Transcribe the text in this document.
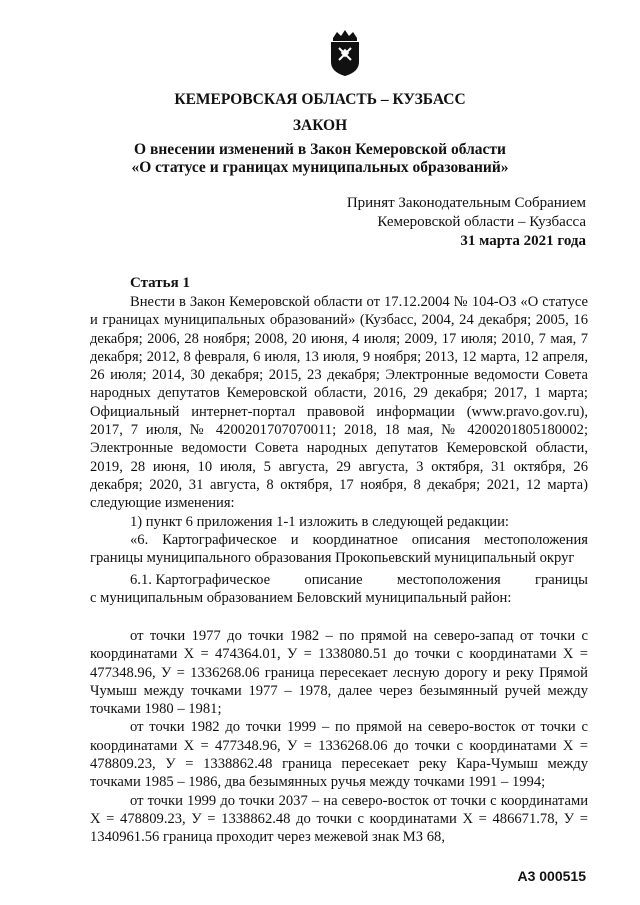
КЕМЕРОВСКАЯ ОБЛАСТЬ – КУЗБАСС
ЗАКОН
О внесении изменений в Закон Кемеровской области
«О статусе и границах муниципальных образований»
Принят Законодательным Собранием
Кемеровской области – Кузбасса
31 марта 2021 года
Статья 1
Внести в Закон Кемеровской области от 17.12.2004 № 104-ОЗ «О статусе и границах муниципальных образований» (Кузбасс, 2004, 24 декабря; 2005, 16 декабря; 2006, 28 ноября; 2008, 20 июня, 4 июля; 2009, 17 июля; 2010, 7 мая, 7 декабря; 2012, 8 февраля, 6 июля, 13 июля, 9 ноября; 2013, 12 марта, 12 апреля, 26 июля; 2014, 30 декабря; 2015, 23 декабря; Электронные ведомости Совета народных депутатов Кемеровской области, 2016, 29 декабря; 2017, 1 марта; Официальный интернет-портал правовой информации (www.pravo.gov.ru), 2017, 7 июля, № 4200201707070011; 2018, 18 мая, № 4200201805180002; Электронные ведомости Совета народных депутатов Кемеровской области, 2019, 28 июня, 10 июля, 5 августа, 29 августа, 3 октября, 31 октября, 26 декабря; 2020, 31 августа, 8 октября, 17 ноября, 8 декабря; 2021, 12 марта) следующие изменения:
1) пункт 6 приложения 1-1 изложить в следующей редакции:
«6. Картографическое и координатное описания местоположения границы муниципального образования Прокопьевский муниципальный округ
6.1. Картографическое описание местоположения границы
с муниципальным образованием Беловский муниципальный район:
от точки 1977 до точки 1982 – по прямой на северо-запад от точки с координатами Х = 474364.01, У = 1338080.51 до точки с координатами Х = 477348.96, У = 1336268.06 граница пересекает лесную дорогу и реку Прямой Чумыш между точками 1977 – 1978, далее через безымянный ручей между точками 1980 – 1981;
от точки 1982 до точки 1999 – по прямой на северо-восток от точки с координатами Х = 477348.96, У = 1336268.06 до точки с координатами Х = 478809.23, У = 1338862.48 граница пересекает реку Кара-Чумыш между точками 1985 – 1986, два безымянных ручья между точками 1991 – 1994;
от точки 1999 до точки 2037 – на северо-восток от точки с координатами Х = 478809.23, У = 1338862.48 до точки с координатами Х = 486671.78, У = 1340961.56 граница проходит через межевой знак МЗ 68,
А3 000515
